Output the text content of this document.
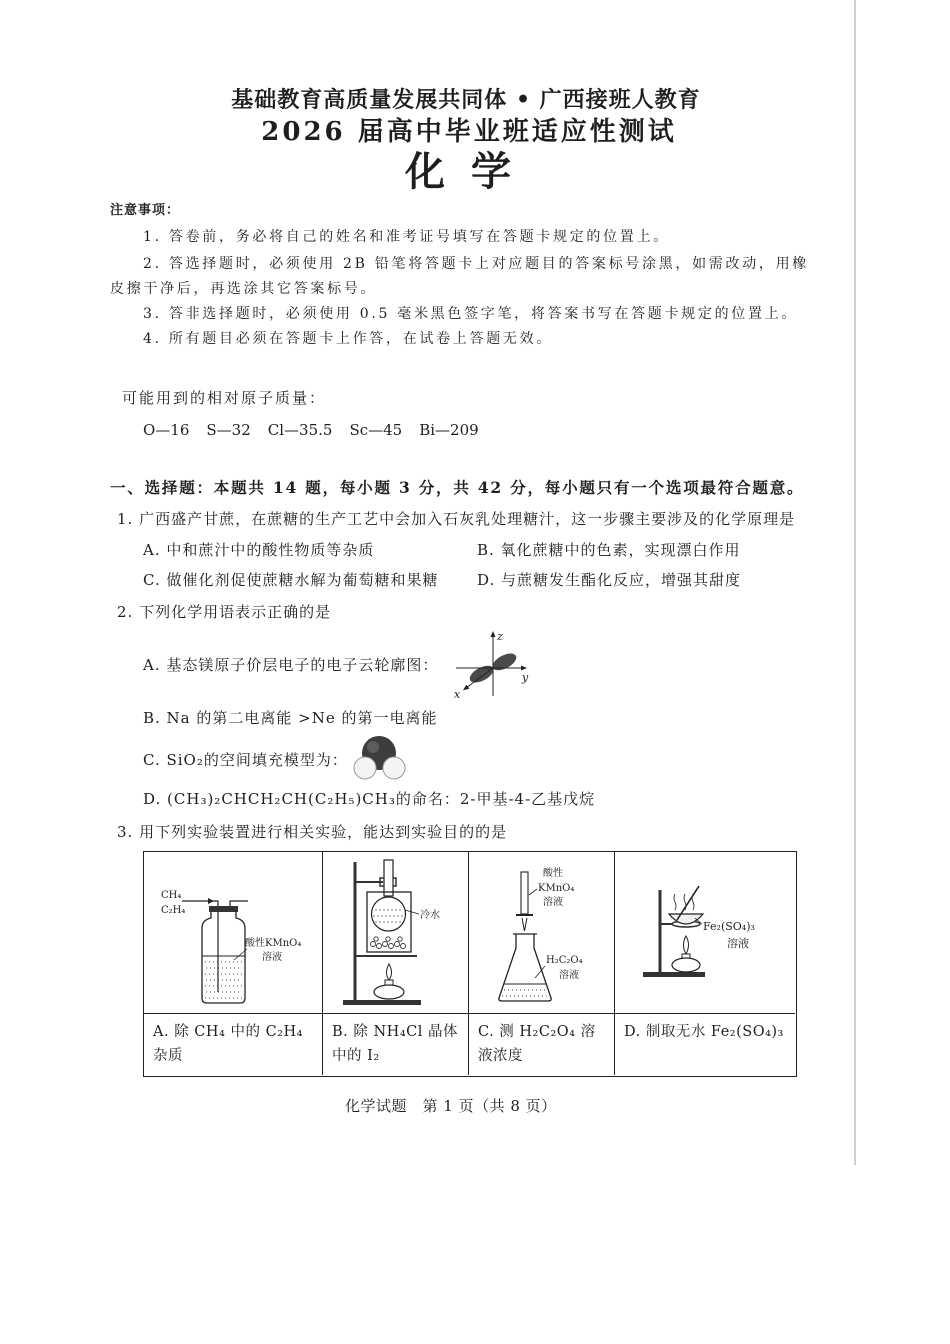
基础教育高质量发展共同体 • 广西接班人教育
2026 届高中毕业班适应性测试
化学
注意事项：
1. 答卷前，务必将自己的姓名和准考证号填写在答题卡规定的位置上。
2. 答选择题时，必须使用 2B 铅笔将答题卡上对应题目的答案标号涂黑，如需改动，用橡
皮擦干净后，再选涂其它答案标号。
3. 答非选择题时，必须使用 0.5 毫米黑色签字笔，将答案书写在答题卡规定的位置上。
4. 所有题目必须在答题卡上作答，在试卷上答题无效。
可能用到的相对原子质量：
O—16 S—32 Cl—35.5 Sc—45 Bi—209
一、选择题：本题共 14 题，每小题 3 分，共 42 分，每小题只有一个选项最符合题意。
1. 广西盛产甘蔗，在蔗糖的生产工艺中会加入石灰乳处理糖汁，这一步骤主要涉及的化学原理是
A. 中和蔗汁中的酸性物质等杂质	B. 氧化蔗糖中的色素，实现漂白作用
C. 做催化剂促使蔗糖水解为葡萄糖和果糖	D. 与蔗糖发生酯化反应，增强其甜度
2. 下列化学用语表示正确的是
A. 基态镁原子价层电子的电子云轮廓图：
z
y
x
B. Na 的第二电离能 >Ne 的第一电离能
C. SiO₂的空间填充模型为：
D. (CH₃)₂CHCH₂CH(C₂H₅)CH₃的命名：2-甲基-4-乙基戊烷
3. 用下列实验装置进行相关实验，能达到实验目的的是
CH₄
C₂H₄
酸性KMnO₄
溶液
冷水
酸性
KMnO₄
溶液
H₂C₂O₄
溶液
Fe₂(SO₄)₃
溶液
A. 除 CH₄ 中的 C₂H₄
杂质
B. 除 NH₄Cl 晶体
中的 I₂
C. 测 H₂C₂O₄ 溶
液浓度
D. 制取无水 Fe₂(SO₄)₃
化学试题　第 1 页（共 8 页）
